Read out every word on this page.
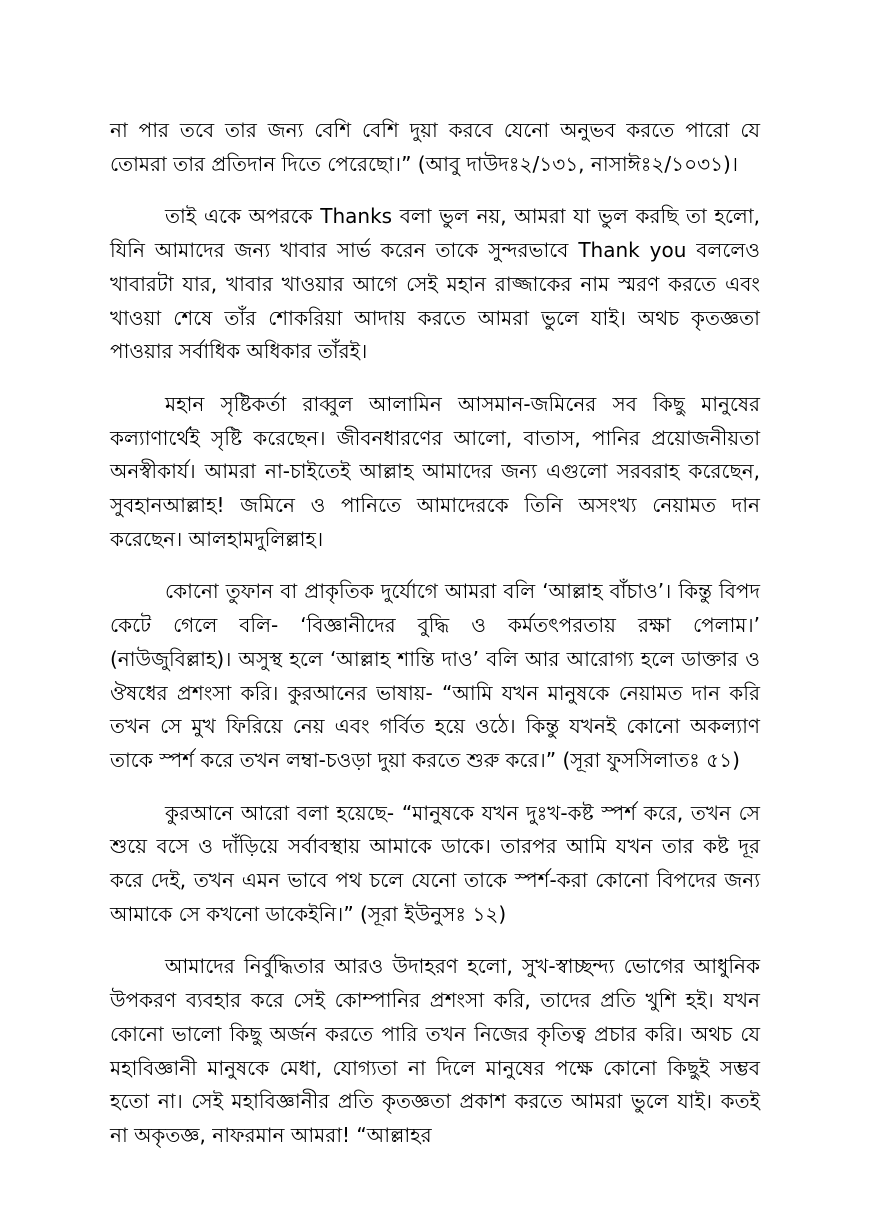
না পার তবে তার জন্য বেশি বেশি দুয়া করবে যেনো অনুভব করতে পারো যে তোমরা তার প্রতিদান দিতে পেরেছো।” (আবু দাউদঃ২/১৩১, নাসাঈঃ২/১০৩১)।

তাই একে অপরকে Thanks বলা ভুল নয়, আমরা যা ভুল করছি তা হলো, যিনি আমাদের জন্য খাবার সার্ভ করেন তাকে সুন্দরভাবে Thank you বললেও খাবারটা যার, খাবার খাওয়ার আগে সেই মহান রাজ্জাকের নাম স্মরণ করতে এবং খাওয়া শেষে তাঁর শোকরিয়া আদায় করতে আমরা ভুলে যাই। অথচ কৃতজ্ঞতা পাওয়ার সর্বাধিক অধিকার তাঁরই।

মহান সৃষ্টিকর্তা রাব্বুল আলামিন আসমান-জমিনের সব কিছু মানুষের কল্যাণার্থেই সৃষ্টি করেছেন। জীবনধারণের আলো, বাতাস, পানির প্রয়োজনীয়তা অনস্বীকার্য। আমরা না-চাইতেই আল্লাহ আমাদের জন্য এগুলো সরবরাহ করেছেন, সুবহানআল্লাহ! জমিনে ও পানিতে আমাদেরকে তিনি অসংখ্য নেয়ামত দান করেছেন। আলহামদুলিল্লাহ।

কোনো তুফান বা প্রাকৃতিক দুর্যোগে আমরা বলি ‘আল্লাহ বাঁচাও’। কিন্তু বিপদ কেটে গেলে বলি- ‘বিজ্ঞানীদের বুদ্ধি ও কর্মতৎপরতায় রক্ষা পেলাম।’ (নাউজুবিল্লাহ)। অসুস্থ হলে ‘আল্লাহ শান্তি দাও’ বলি আর আরোগ্য হলে ডাক্তার ও ঔষধের প্রশংসা করি। কুরআনের ভাষায়- “আমি যখন মানুষকে নেয়ামত দান করি তখন সে মুখ ফিরিয়ে নেয় এবং গর্বিত হয়ে ওঠে। কিন্তু যখনই কোনো অকল্যাণ তাকে স্পর্শ করে তখন লম্বা-চওড়া দুয়া করতে শুরু করে।” (সূরা ফুসসিলাতঃ ৫১)

কুরআনে আরো বলা হয়েছে- “মানুষকে যখন দুঃখ-কষ্ট স্পর্শ করে, তখন সে শুয়ে বসে ও দাঁড়িয়ে সর্বাবস্থায় আমাকে ডাকে। তারপর আমি যখন তার কষ্ট দূর করে দেই, তখন এমন ভাবে পথ চলে যেনো তাকে স্পর্শ-করা কোনো বিপদের জন্য আমাকে সে কখনো ডাকেইনি।” (সূরা ইউনুসঃ ১২)

আমাদের নির্বুদ্ধিতার আরও উদাহরণ হলো, সুখ-স্বাচ্ছন্দ্য ভোগের আধুনিক উপকরণ ব্যবহার করে সেই কোম্পানির প্রশংসা করি, তাদের প্রতি খুশি হই। যখন কোনো ভালো কিছু অর্জন করতে পারি তখন নিজের কৃতিত্ব প্রচার করি। অথচ যে মহাবিজ্ঞানী মানুষকে মেধা, যোগ্যতা না দিলে মানুষের পক্ষে কোনো কিছুই সম্ভব হতো না। সেই মহাবিজ্ঞানীর প্রতি কৃতজ্ঞতা প্রকাশ করতে আমরা ভুলে যাই। কতই না অকৃতজ্ঞ, নাফরমান আমরা! “আল্লাহর
